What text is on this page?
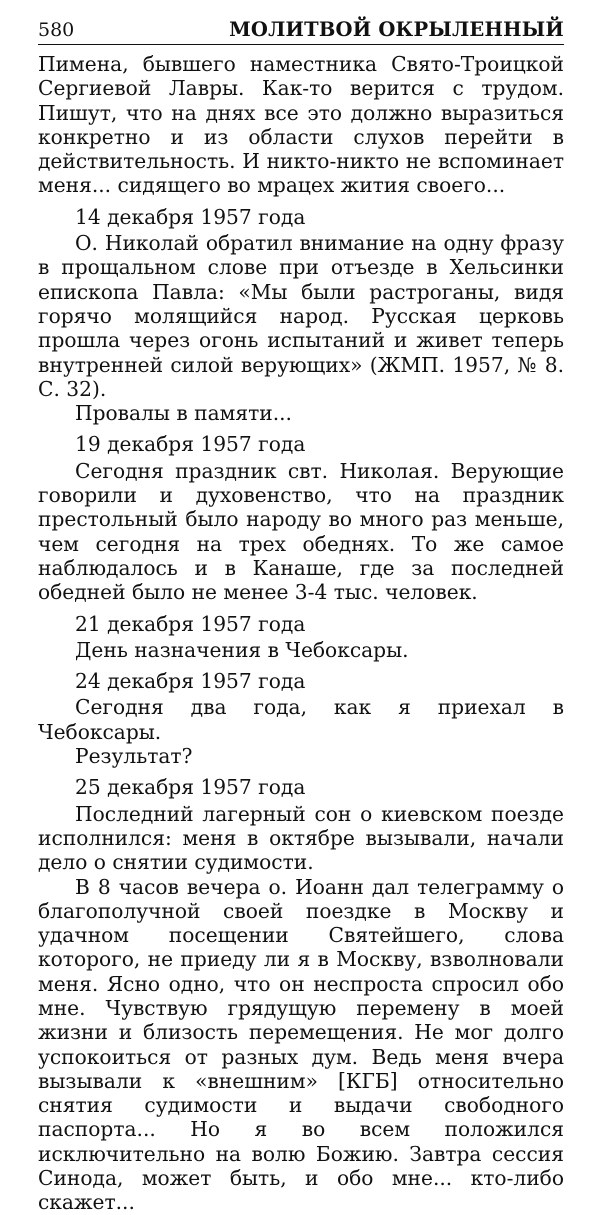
580	МОЛИТВОЙ ОКРЫЛЕННЫЙ

Пимена, бывшего наместника Свято-Троицкой Сергиевой Лавры. Как-то верится с трудом. Пишут, что на днях все это должно выразиться конкретно и из области слухов перейти в действительность. И никто-никто не вспоминает меня... сидящего во мрацех жития своего...

14 декабря 1957 года

О. Николай обратил внимание на одну фразу в прощальном слове при отъезде в Хельсинки епископа Павла: «Мы были растроганы, видя горячо молящийся народ. Русская церковь прошла через огонь испытаний и живет теперь внутренней силой верующих» (ЖМП. 1957, № 8. С. 32).

Провалы в памяти...

19 декабря 1957 года

Сегодня праздник свт. Николая. Верующие говорили и духовенство, что на праздник престольный было народу во много раз меньше, чем сегодня на трех обеднях. То же самое наблюдалось и в Канаше, где за последней обедней было не менее 3-4 тыс. человек.

21 декабря 1957 года

День назначения в Чебоксары.

24 декабря 1957 года

Сегодня два года, как я приехал в Чебоксары.

Результат?

25 декабря 1957 года

Последний лагерный сон о киевском поезде исполнился: меня в октябре вызывали, начали дело о снятии судимости.

В 8 часов вечера о. Иоанн дал телеграмму о благополучной своей поездке в Москву и удачном посещении Святейшего, слова которого, не приеду ли я в Москву, взволновали меня. Ясно одно, что он неспроста спросил обо мне. Чувствую грядущую перемену в моей жизни и близость перемещения. Не мог долго успокоиться от разных дум. Ведь меня вчера вызывали к «внешним» [КГБ] относительно снятия судимости и выдачи свободного паспорта... Но я во всем положился исключительно на волю Божию. Завтра сессия Синода, может быть, и обо мне... кто-либо скажет...
